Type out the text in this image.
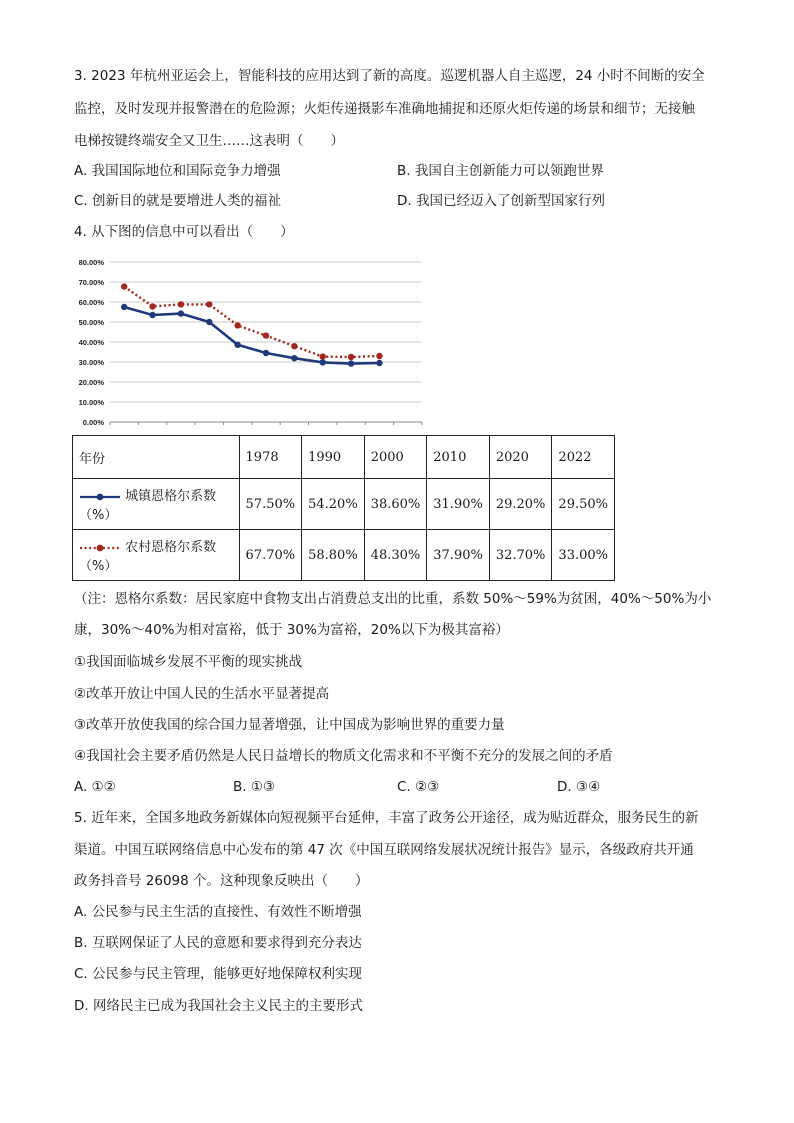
3. 2023 年杭州亚运会上，智能科技的应用达到了新的高度。巡逻机器人自主巡逻，24 小时不间断的安全
监控，及时发现并报警潜在的危险源；火炬传递摄影车准确地捕捉和还原火炬传递的场景和细节；无接触
电梯按键终端安全又卫生……这表明（　　）
A. 我国国际地位和国际竞争力增强	B. 我国自主创新能力可以领跑世界
C. 创新目的就是要增进人类的福祉	D. 我国已经迈入了创新型国家行列
4. 从下图的信息中可以看出（　　）
0.00%
10.00%
20.00%
30.00%
40.00%
50.00%
60.00%
70.00%
80.00%
年份	1978	1990	2000	2010	2020	2022
城镇恩格尔系数（%）	57.50%	54.20%	38.60%	31.90%	29.20%	29.50%
农村恩格尔系数（%）	67.70%	58.80%	48.30%	37.90%	32.70%	33.00%
（注：恩格尔系数：居民家庭中食物支出占消费总支出的比重，系数 50%～59%为贫困，40%～50%为小
康，30%～40%为相对富裕，低于 30%为富裕，20%以下为极其富裕）
①我国面临城乡发展不平衡的现实挑战
②改革开放让中国人民的生活水平显著提高
③改革开放使我国的综合国力显著增强，让中国成为影响世界的重要力量
④我国社会主要矛盾仍然是人民日益增长的物质文化需求和不平衡不充分的发展之间的矛盾
A. ①②	B. ①③	C. ②③	D. ③④
5. 近年来，全国多地政务新媒体向短视频平台延伸，丰富了政务公开途径，成为贴近群众，服务民生的新
渠道。中国互联网络信息中心发布的第 47 次《中国互联网络发展状况统计报告》显示，各级政府共开通
政务抖音号 26098 个。这种现象反映出（　　）
A. 公民参与民主生活的直接性、有效性不断增强
B. 互联网保证了人民的意愿和要求得到充分表达
C. 公民参与民主管理，能够更好地保障权利实现
D. 网络民主已成为我国社会主义民主的主要形式
